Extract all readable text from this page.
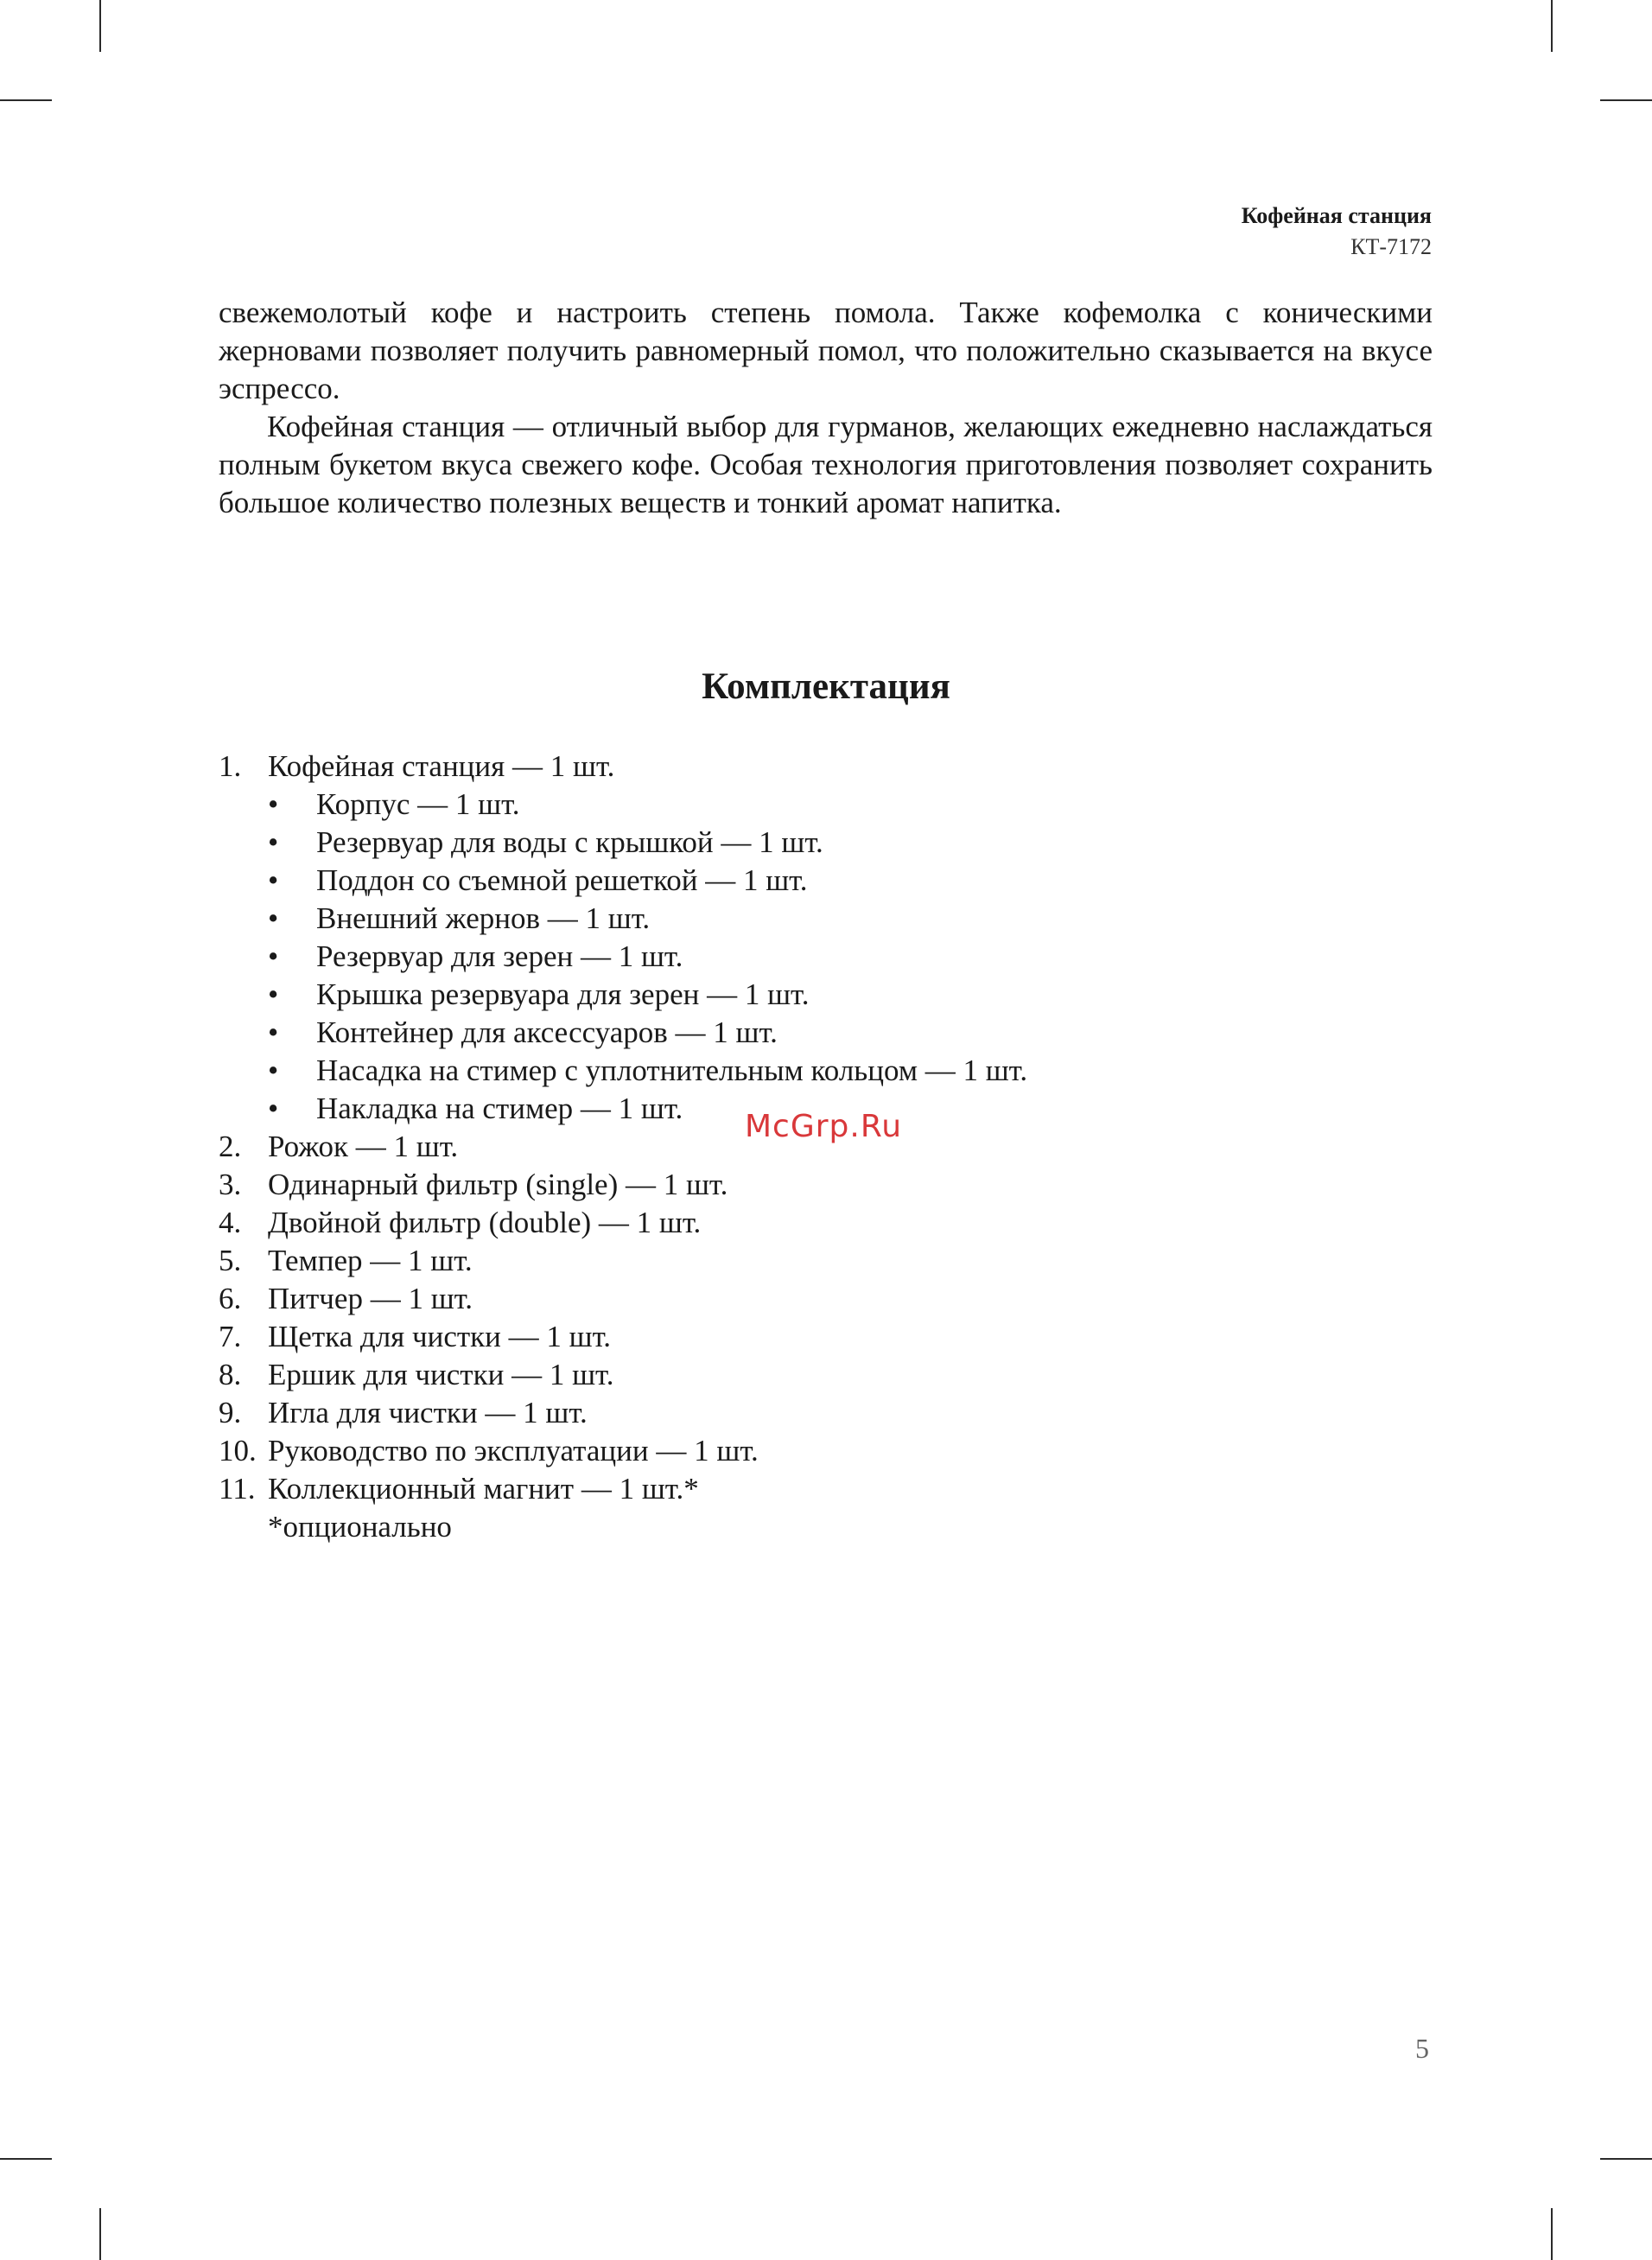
Кофейная станция
КТ-7172

свежемолотый кофе и настроить степень помола. Также кофемолка с коническими жерновами позволяет получить равномерный помол, что положительно сказывается на вкусе эспрессо.

Кофейная станция — отличный выбор для гурманов, желающих ежедневно наслаждаться полным букетом вкуса свежего кофе. Особая технология приготовления позволяет сохранить большое количество полезных веществ и тонкий аромат напитка.

Комплектация
1. Кофейная станция — 1 шт.
• Корпус — 1 шт.
• Резервуар для воды с крышкой — 1 шт.
• Поддон со съемной решеткой — 1 шт.
• Внешний жернов — 1 шт.
• Резервуар для зерен — 1 шт.
• Крышка резервуара для зерен — 1 шт.
• Контейнер для аксессуаров — 1 шт.
• Насадка на стимер с уплотнительным кольцом — 1 шт.
• Накладка на стимер — 1 шт.
2. Рожок — 1 шт.
3. Одинарный фильтр (single) — 1 шт.
4. Двойной фильтр (double) — 1 шт.
5. Темпер — 1 шт.
6. Питчер — 1 шт.
7. Щетка для чистки — 1 шт.
8. Ершик для чистки — 1 шт.
9. Игла для чистки — 1 шт.
10. Руководство по эксплуатации — 1 шт.
11. Коллекционный магнит — 1 шт.*
*опционально
McGrp.Ru
5
